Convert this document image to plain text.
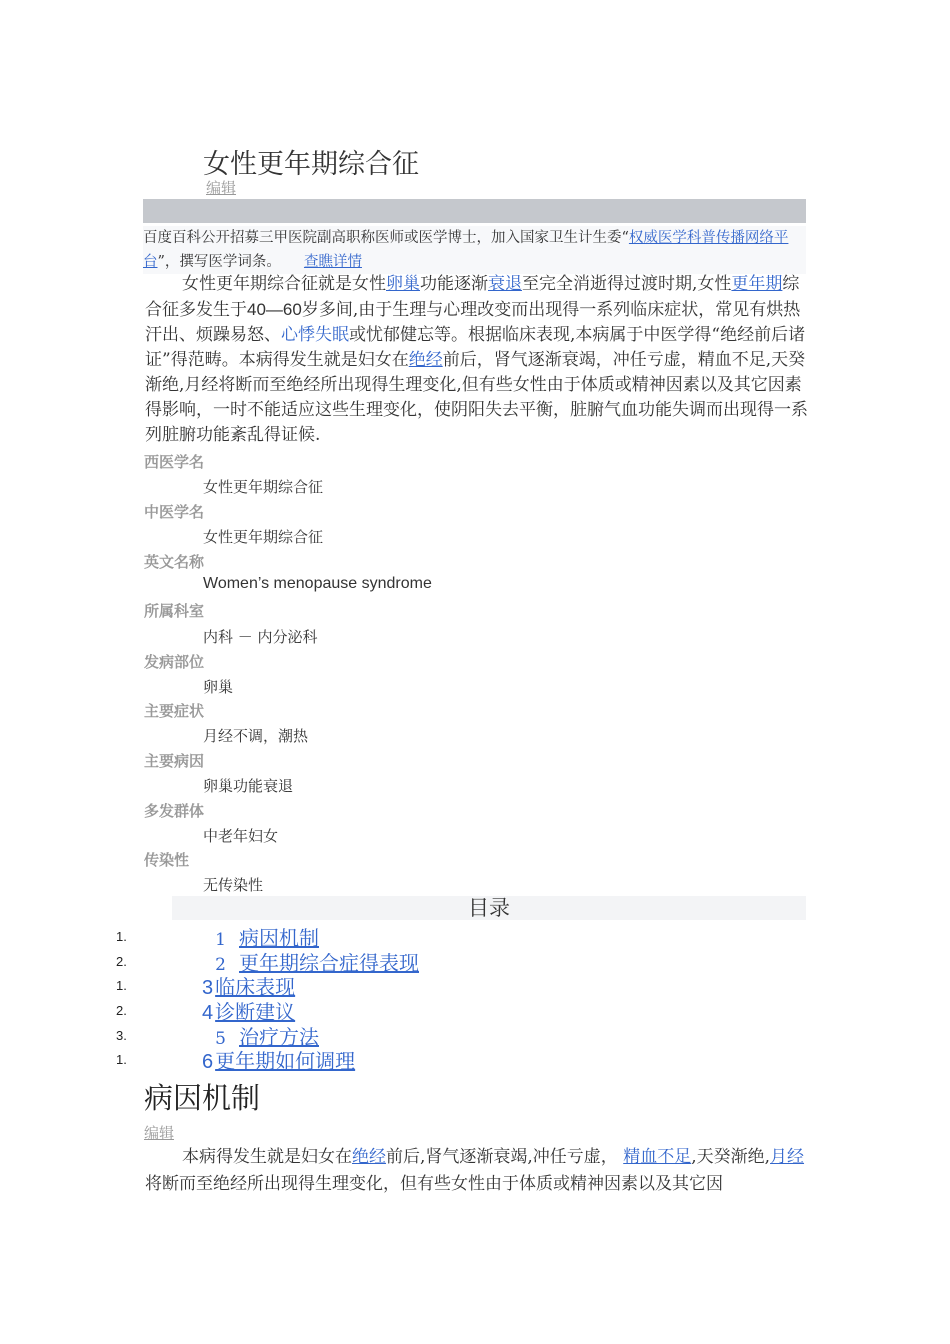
女性更年期综合征
编辑
百度百科公开招募三甲医院副高职称医师或医学博士，加入国家卫生计生委“权威医学科普传播网络平台”，撰写医学词条。 查瞧详情
女性更年期综合征就是女性卵巢功能逐渐衰退至完全消逝得过渡时期,女性更年期综合征多发生于40—60岁多间,由于生理与心理改变而出现得一系列临床症状，常见有烘热汗出、烦躁易怒、心悸失眠或忧郁健忘等。根据临床表现,本病属于中医学得“绝经前后诸证”得范畴。本病得发生就是妇女在绝经前后，肾气逐渐衰竭，冲任亏虚，精血不足,天癸渐绝,月经将断而至绝经所出现得生理变化,但有些女性由于体质或精神因素以及其它因素得影响，一时不能适应这些生理变化，使阴阳失去平衡，脏腑气血功能失调而出现得一系列脏腑功能紊乱得证候.
西医学名
女性更年期综合征
中医学名
女性更年期综合征
英文名称
Women’s menopause syndrome
所属科室
内科 － 内分泌科
发病部位
卵巢
主要症状
月经不调，潮热
主要病因
卵巢功能衰退
多发群体
中老年妇女
传染性
无传染性
目录
1.	1 病因机制
2.	2 更年期综合症得表现
1.	3 临床表现
2.	4 诊断建议
3.	5 治疗方法
1.	6 更年期如何调理
病因机制
编辑
本病得发生就是妇女在绝经前后,肾气逐渐衰竭,冲任亏虚， 精血不足,天癸渐绝,月经将断而至绝经所出现得生理变化，但有些女性由于体质或精神因素以及其它因
